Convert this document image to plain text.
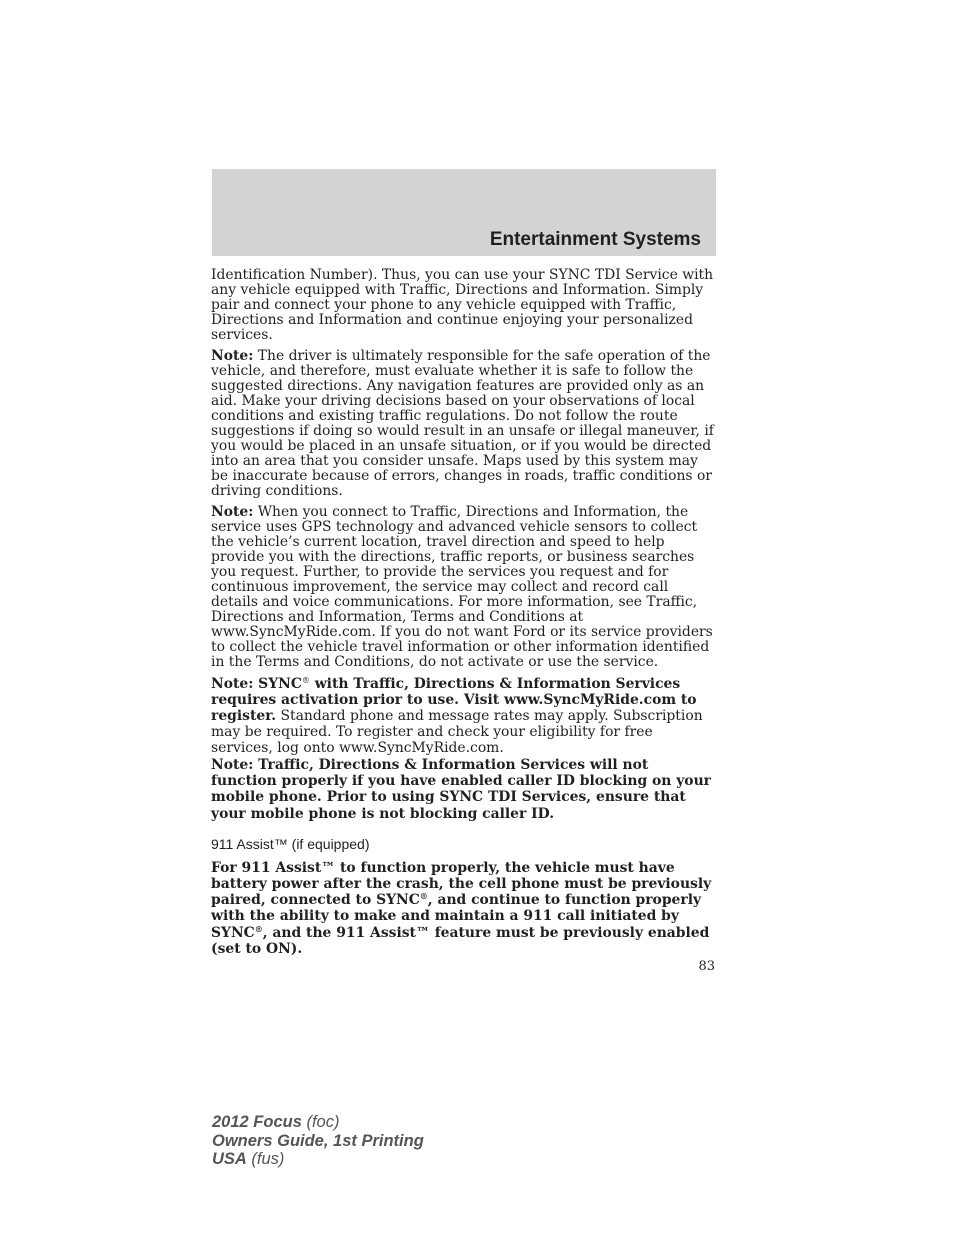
Entertainment Systems

Identification Number). Thus, you can use your SYNC TDI Service with any vehicle equipped with Traffic, Directions and Information. Simply pair and connect your phone to any vehicle equipped with Traffic, Directions and Information and continue enjoying your personalized services.

Note: The driver is ultimately responsible for the safe operation of the vehicle, and therefore, must evaluate whether it is safe to follow the suggested directions. Any navigation features are provided only as an aid. Make your driving decisions based on your observations of local conditions and existing traffic regulations. Do not follow the route suggestions if doing so would result in an unsafe or illegal maneuver, if you would be placed in an unsafe situation, or if you would be directed into an area that you consider unsafe. Maps used by this system may be inaccurate because of errors, changes in roads, traffic conditions or driving conditions.

Note: When you connect to Traffic, Directions and Information, the service uses GPS technology and advanced vehicle sensors to collect the vehicle’s current location, travel direction and speed to help provide you with the directions, traffic reports, or business searches you request. Further, to provide the services you request and for continuous improvement, the service may collect and record call details and voice communications. For more information, see Traffic, Directions and Information, Terms and Conditions at www.SyncMyRide.com. If you do not want Ford or its service providers to collect the vehicle travel information or other information identified in the Terms and Conditions, do not activate or use the service.

Note: SYNC® with Traffic, Directions & Information Services requires activation prior to use. Visit www.SyncMyRide.com to register. Standard phone and message rates may apply. Subscription may be required. To register and check your eligibility for free services, log onto www.SyncMyRide.com.

Note: Traffic, Directions & Information Services will not function properly if you have enabled caller ID blocking on your mobile phone. Prior to using SYNC TDI Services, ensure that your mobile phone is not blocking caller ID.

911 Assist™ (if equipped)

For 911 Assist™ to function properly, the vehicle must have battery power after the crash, the cell phone must be previously paired, connected to SYNC®, and continue to function properly with the ability to make and maintain a 911 call initiated by SYNC®, and the 911 Assist™ feature must be previously enabled (set to ON).

83
2012 Focus (foc)
Owners Guide, 1st Printing
USA (fus)
